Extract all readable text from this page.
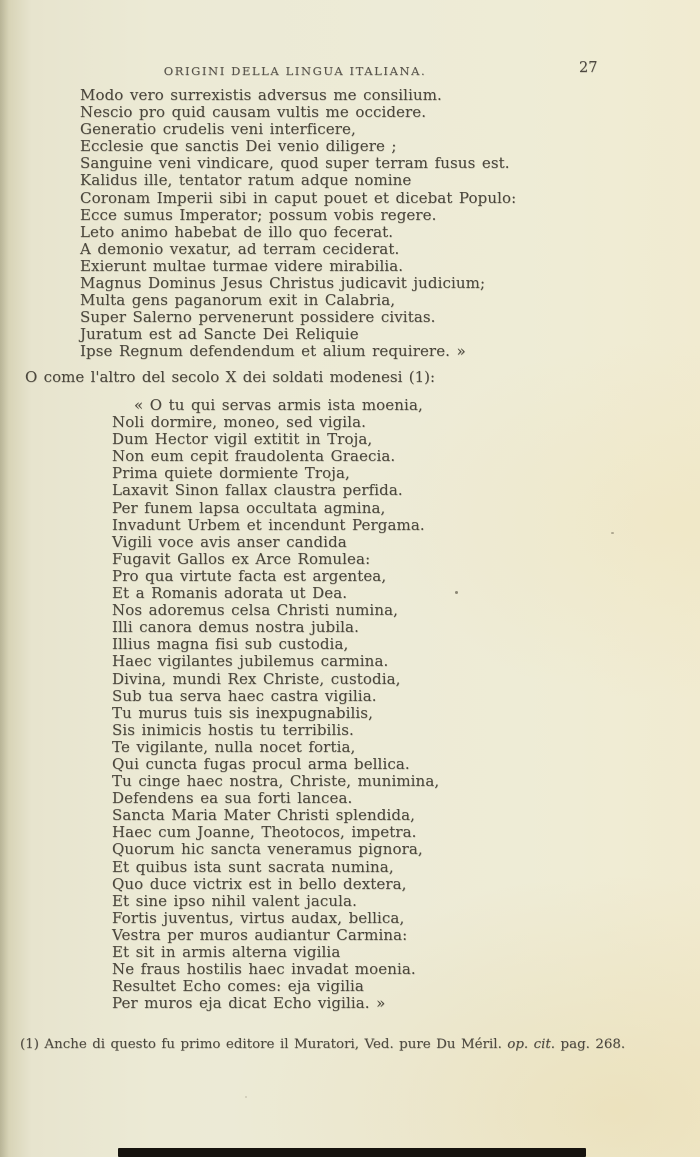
ORIGINI DELLA LINGUA ITALIANA.	27
Modo vero surrexistis adversus me consilium.
Nescio pro quid causam vultis me occidere.
Generatio crudelis veni interficere,
Ecclesie que sanctis Dei venio diligere ;
Sanguine veni vindicare, quod super terram fusus est.
Kalidus ille, tentator ratum adque nomine
Coronam Imperii sibi in caput pouet et dicebat Populo:
Ecce sumus Imperator; possum vobis regere.
Leto animo habebat de illo quo fecerat.
A demonio vexatur, ad terram ceciderat.
Exierunt multae turmae videre mirabilia.
Magnus Dominus Jesus Christus judicavit judicium;
Multa gens paganorum exit in Calabria,
Super Salerno pervenerunt possidere civitas.
Juratum est ad Sancte Dei Reliquie
Ipse Regnum defendendum et alium requirere. »
O come l'altro del secolo X dei soldati modenesi (1):
« O tu qui servas armis ista moenia,
Noli dormire, moneo, sed vigila.
Dum Hector vigil extitit in Troja,
Non eum cepit fraudolenta Graecia.
Prima quiete dormiente Troja,
Laxavit Sinon fallax claustra perfida.
Per funem lapsa occultata agmina,
Invadunt Urbem et incendunt Pergama.
Vigili voce avis anser candida
Fugavit Gallos ex Arce Romulea:
Pro qua virtute facta est argentea,
Et a Romanis adorata ut Dea.
Nos adoremus celsa Christi numina,
Illi canora demus nostra jubila.
Illius magna fisi sub custodia,
Haec vigilantes jubilemus carmina.
Divina, mundi Rex Christe, custodia,
Sub tua serva haec castra vigilia.
Tu murus tuis sis inexpugnabilis,
Sis inimicis hostis tu terribilis.
Te vigilante, nulla nocet fortia,
Qui cuncta fugas procul arma bellica.
Tu cinge haec nostra, Christe, munimina,
Defendens ea sua forti lancea.
Sancta Maria Mater Christi splendida,
Haec cum Joanne, Theotocos, impetra.
Quorum hic sancta veneramus pignora,
Et quibus ista sunt sacrata numina,
Quo duce victrix est in bello dextera,
Et sine ipso nihil valent jacula.
Fortis juventus, virtus audax, bellica,
Vestra per muros audiantur Carmina:
Et sit in armis alterna vigilia
Ne fraus hostilis haec invadat moenia.
Resultet Echo comes: eja vigilia
Per muros eja dicat Echo vigilia. »
(1) Anche di questo fu primo editore il Muratori, Ved. pure Du Méril. op. cit. pag. 268.
